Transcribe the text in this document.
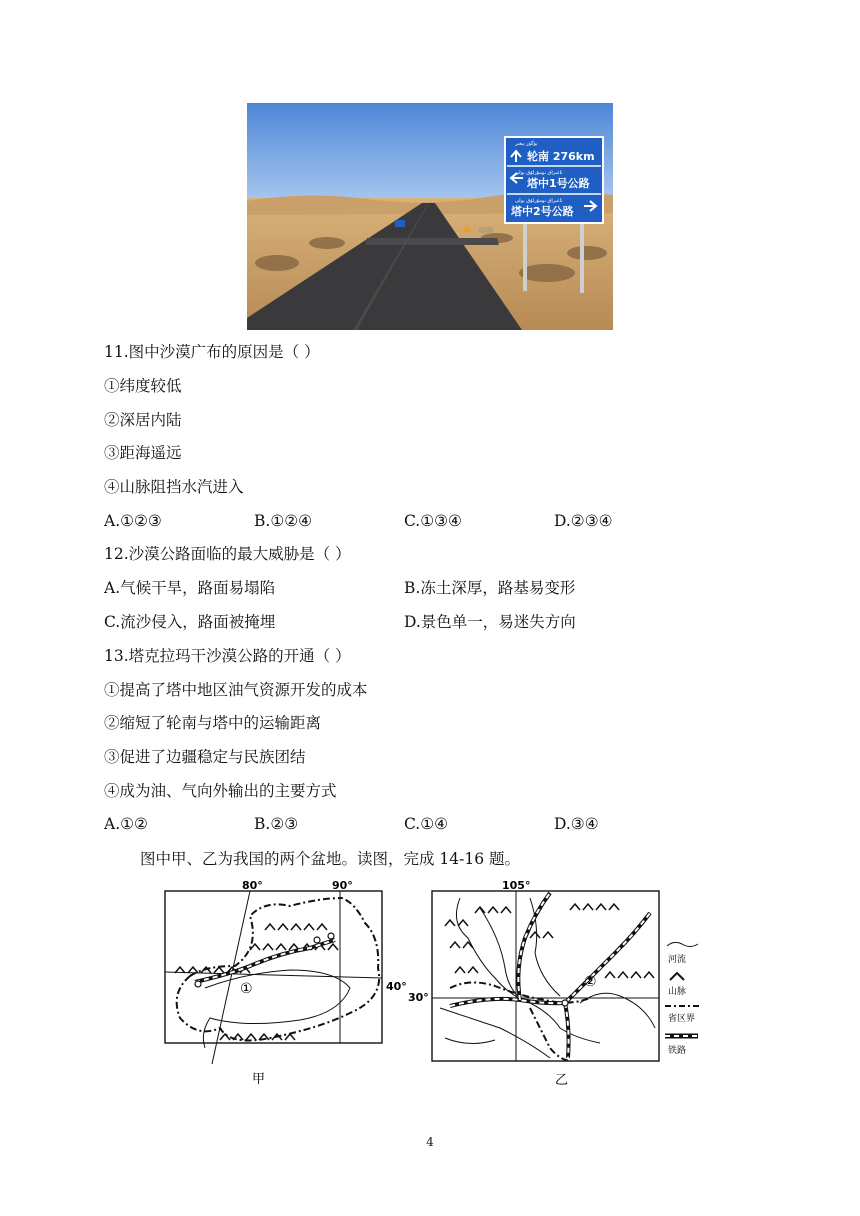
ﺑﯜﮔﯜﺭ ﻳﯧﻐﯩﺮ
ﺗﺎﻏﯩﺮﺍﻕ ﻧﻮﻣﯘﺭﻟﯘﻕ ﻳﻮﻟﻰ
ﺗﺎﻏﯩﺮﺍﻕ ﻧﻮﻣﯘﺭﻟﯘﻕ ﻳﻮﻟﻰ
轮南 276km
塔中1号公路
塔中2号公路
11.图中沙漠广布的原因是（ ）
①纬度较低
②深居内陆
③距海遥远
④山脉阻挡水汽进入
A.①②③	B.①②④	C.①③④	D.②③④
12.沙漠公路面临的最大威胁是（ ）
A.气候干旱，路面易塌陷	B.冻土深厚，路基易变形
C.流沙侵入，路面被掩埋	D.景色单一，易迷失方向
13.塔克拉玛干沙漠公路的开通（ ）
①提高了塔中地区油气资源开发的成本
②缩短了轮南与塔中的运输距离
③促进了边疆稳定与民族团结
④成为油、气向外输出的主要方式
A.①②	B.②③	C.①④	D.③④
图中甲、乙为我国的两个盆地。读图，完成 14-16 题。
80°	90°
40°
①
甲
105°
30°
②
乙
河流
山脉
省区界
铁路
4
